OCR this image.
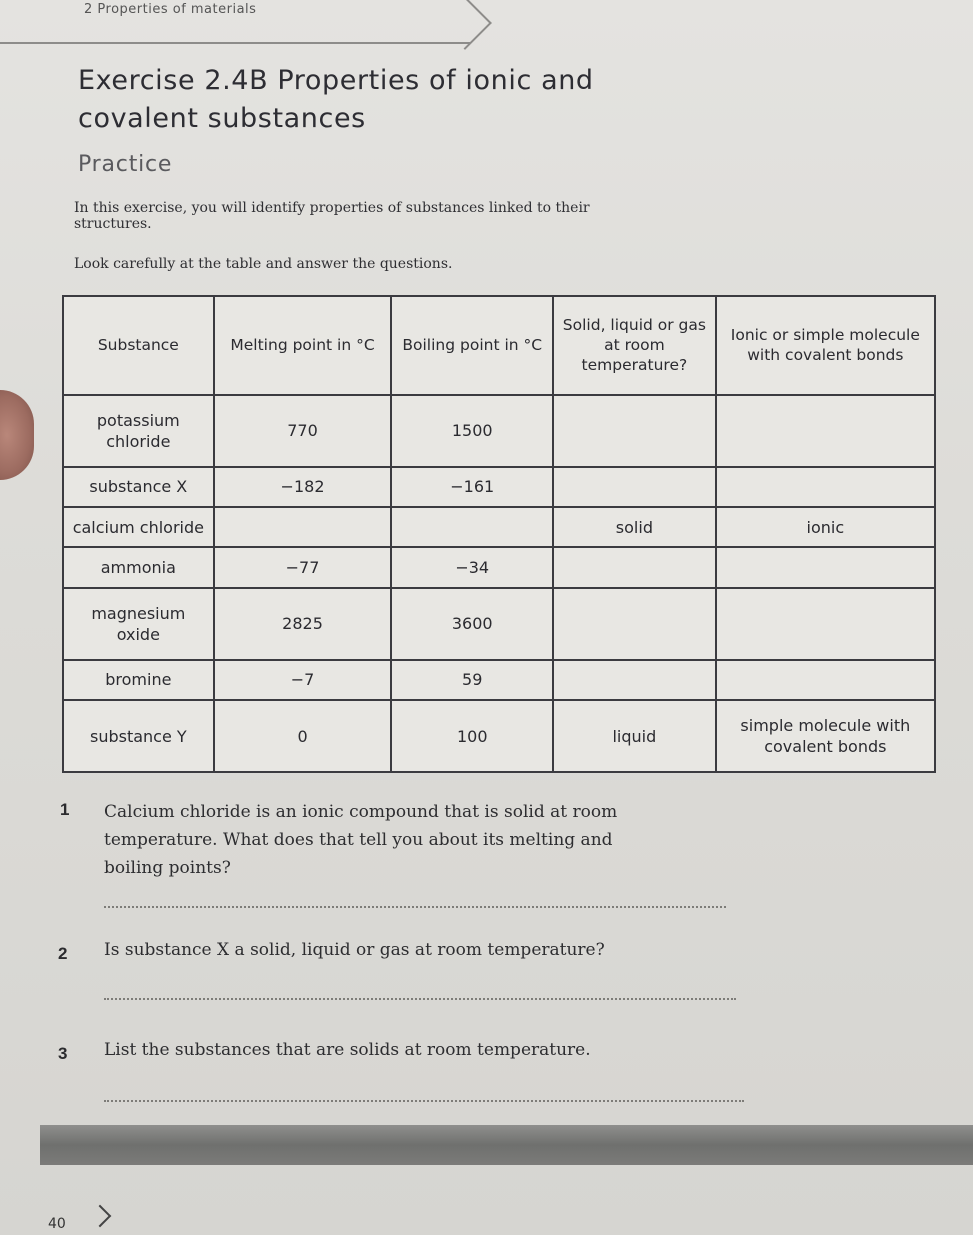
2 Properties of materials
Exercise 2.4B Properties of ionic and covalent substances
Practice
In this exercise, you will identify properties of substances linked to their structures.
Look carefully at the table and answer the questions.
Substance	Melting point in °C	Boiling point in °C	Solid, liquid or gas at room temperature?	Ionic or simple molecule with covalent bonds
potassium chloride	770	1500		
substance X	−182	−161		
calcium chloride			solid	ionic
ammonia	−77	−34		
magnesium oxide	2825	3600		
bromine	−7	59		
substance Y	0	100	liquid	simple molecule with covalent bonds
1 Calcium chloride is an ionic compound that is solid at room temperature. What does that tell you about its melting and boiling points?
2 Is substance X a solid, liquid or gas at room temperature?
3 List the substances that are solids at room temperature.
40
